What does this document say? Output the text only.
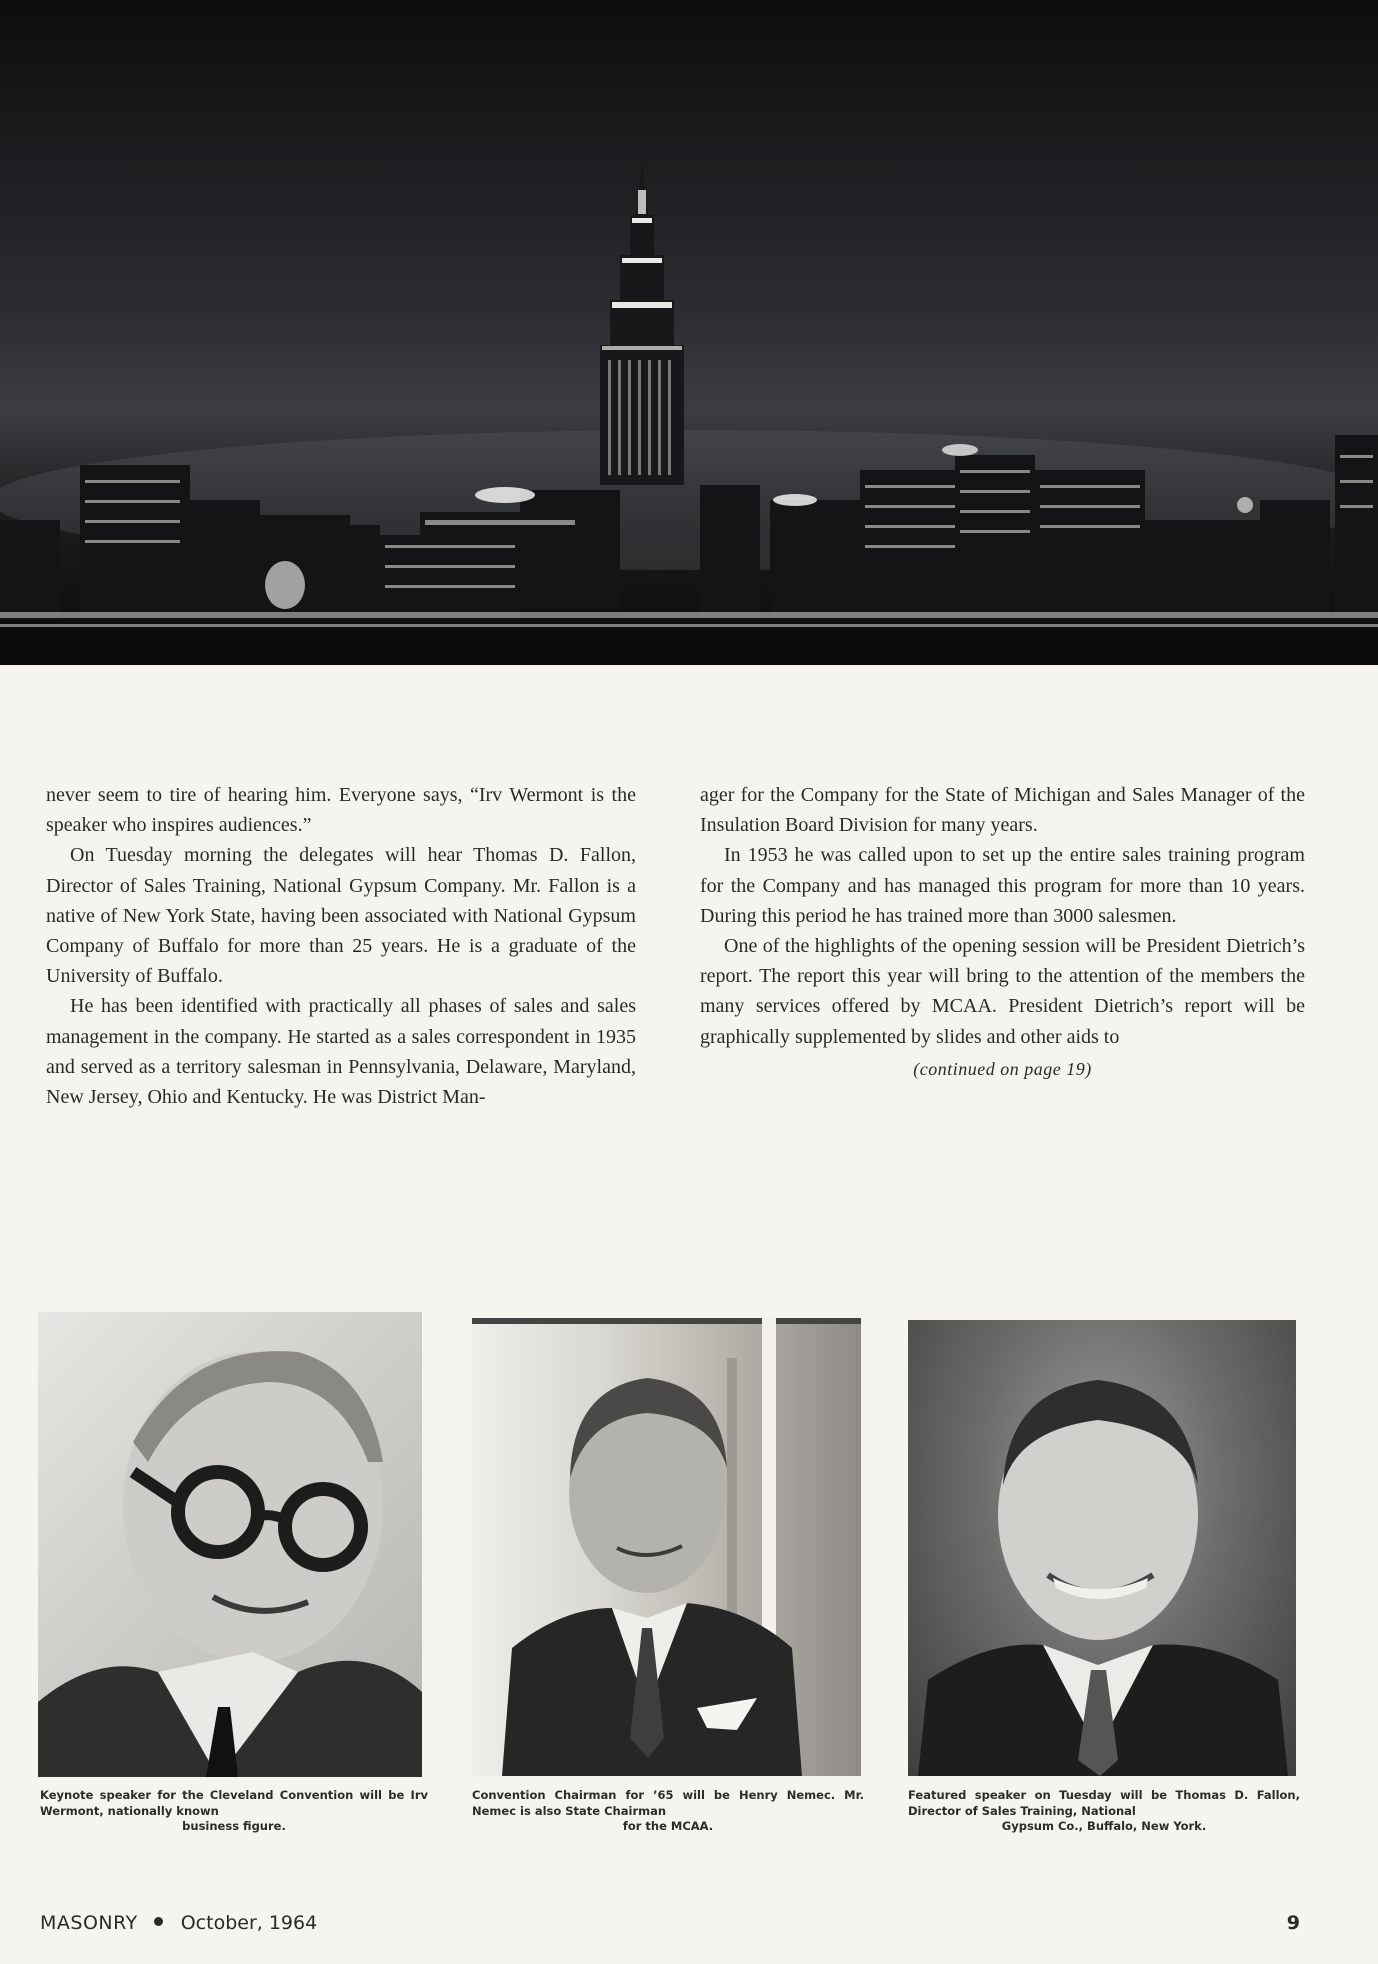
never seem to tire of hearing him. Everyone says, “Irv Wermont is the speaker who inspires audiences.”

On Tuesday morning the delegates will hear Thomas D. Fallon, Director of Sales Training, National Gypsum Company. Mr. Fallon is a native of New York State, having been associated with National Gypsum Company of Buffalo for more than 25 years. He is a graduate of the University of Buffalo.

He has been identified with practically all phases of sales and sales management in the company. He started as a sales correspondent in 1935 and served as a territory salesman in Pennsylvania, Delaware, Maryland, New Jersey, Ohio and Kentucky. He was District Man-

ager for the Company for the State of Michigan and Sales Manager of the Insulation Board Division for many years.

In 1953 he was called upon to set up the entire sales training program for the Company and has managed this program for more than 10 years. During this period he has trained more than 3000 salesmen.

One of the highlights of the opening session will be President Dietrich’s report. The report this year will bring to the attention of the members the many services offered by MCAA. President Dietrich’s report will be graphically supplemented by slides and other aids to

(continued on page 19)
Keynote speaker for the Cleveland Convention will be Irv Wermont, nationally known
business figure.
Convention Chairman for ’65 will be Henry Nemec. Mr. Nemec is also State Chairman
for the MCAA.
Featured speaker on Tuesday will be Thomas D. Fallon, Director of Sales Training, National
Gypsum Co., Buffalo, New York.
MASONRY October, 1964	9
